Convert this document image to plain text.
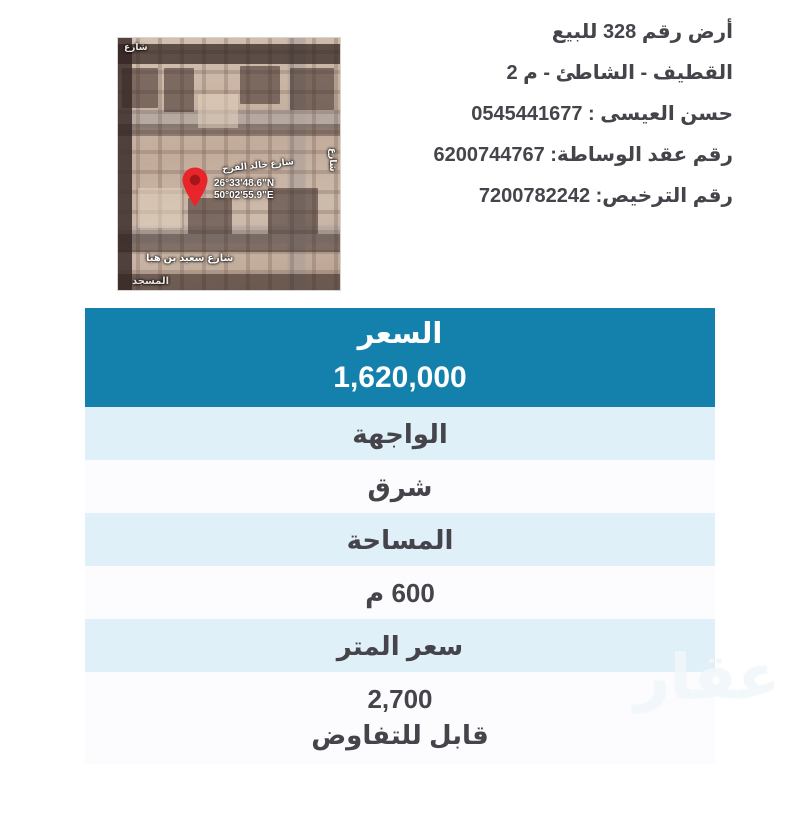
شارع
شارع
شارع خالد الفرج
شارع سعيد بن هبا
المسجد
26°33'48.6"N
50°02'55.9"E
أرض رقم 328 للبيع
القطيف - الشاطئ - م 2
حسن العيسى : 0545441677
رقم عقد الوساطة: 6200744767
رقم الترخيص: 7200782242
السعر
1,620,000
الواجهة
شرق
المساحة
600 م
سعر المتر
2,700
قابل للتفاوض
عقار
